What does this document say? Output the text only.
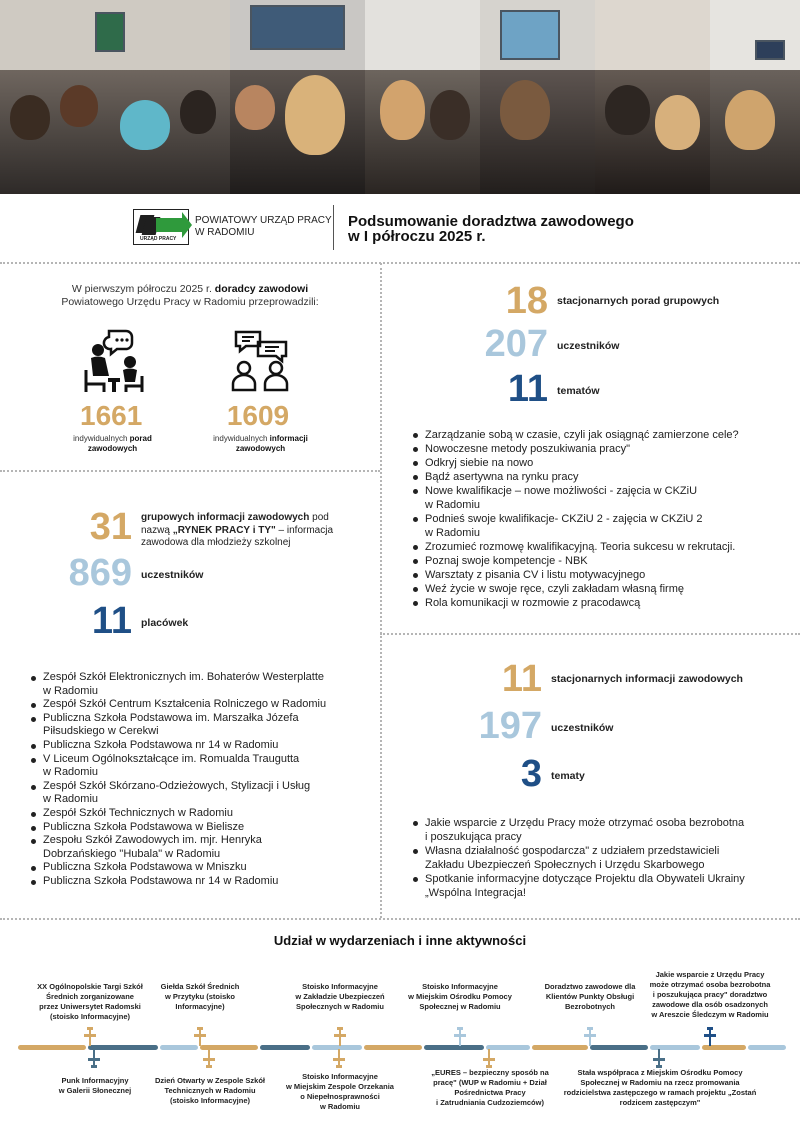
URZĄD PRACY
POWIATOWY URZĄD PRACY
W RADOMIU
Podsumowanie doradztwa zawodowego
w I półroczu 2025 r.
W pierwszym półroczu 2025 r. doradcy zawodowi
Powiatowego Urzędu Pracy w Radomiu przeprowadzili:
1661
indywidualnych porad
zawodowych
1609
indywidualnych informacji
zawodowych
18 stacjonarnych porad grupowych
207 uczestników
11 tematów
Zarządzanie sobą w czasie, czyli jak osiągnąć zamierzone cele?
Nowoczesne metody poszukiwania pracy"
Odkryj siebie na nowo
Bądź asertywna na rynku pracy
Nowe kwalifikacje – nowe możliwości - zajęcia w CKZiU
w Radomiu
Podnieś swoje kwalifikacje- CKZiU 2 - zajęcia w CKZiU 2
w Radomiu
Zrozumieć rozmowę kwalifikacyjną. Teoria sukcesu w rekrutacji.
Poznaj swoje kompetencje - NBK
Warsztaty z pisania CV i listu motywacyjnego
Weź życie w swoje ręce, czyli zakładam własną firmę
Rola komunikacji w rozmowie z pracodawcą
31 grupowych informacji zawodowych pod
nazwą „RYNEK PRACY i TY" – informacja
zawodowa dla młodzieży szkolnej
869 uczestników
11 placówek
Zespół Szkół Elektronicznych im. Bohaterów Westerplatte
w Radomiu
Zespół Szkół Centrum Kształcenia Rolniczego w Radomiu
Publiczna Szkoła Podstawowa im. Marszałka Józefa
Piłsudskiego w Cerekwi
Publiczna Szkoła Podstawowa nr 14 w Radomiu
V Liceum Ogólnokształcące im. Romualda Traugutta
w Radomiu
Zespół Szkół Skórzano-Odzieżowych, Stylizacji i Usług
w Radomiu
Zespół Szkół Technicznych w Radomiu
Publiczna Szkoła Podstawowa w Bielisze
Zespołu Szkół Zawodowych im. mjr. Henryka
Dobrzańskiego "Hubala" w Radomiu
Publiczna Szkoła Podstawowa w Mniszku
Publiczna Szkoła Podstawowa nr 14 w Radomiu
11 stacjonarnych informacji zawodowych
197 uczestników
3 tematy
Jakie wsparcie z Urzędu Pracy może otrzymać osoba bezrobotna
i poszukująca pracy
Własna działalność gospodarcza" z udziałem przedstawicieli
Zakładu Ubezpieczeń Społecznych i Urzędu Skarbowego
Spotkanie informacyjne dotyczące Projektu dla Obywateli Ukrainy
„Wspólna Integracja!
Udział w wydarzeniach i inne aktywności
XX Ogólnopolskie Targi Szkół
Średnich zorganizowane
przez Uniwersytet Radomski
(stoisko Informacyjne)
Giełda Szkół Średnich
w Przytyku (stoisko
Informacyjne)
Stoisko Informacyjne
w Zakładzie Ubezpieczeń
Społecznych w Radomiu
Stoisko Informacyjne
w Miejskim Ośrodku Pomocy
Społecznej w Radomiu
Doradztwo zawodowe dla
Klientów Punkty Obsługi
Bezrobotnych
Jakie wsparcie z Urzędu Pracy
może otrzymać osoba bezrobotna
i poszukująca pracy" doradztwo
zawodowe dla osób osadzonych
w Areszcie Śledczym w Radomiu
Punk Informacyjny
w Galerii Słonecznej
Dzień Otwarty w Zespole Szkół
Technicznych w Radomiu
(stoisko Informacyjne)
Stoisko Informacyjne
w Miejskim Zespole Orzekania
o Niepełnosprawności
w Radomiu
„EURES – bezpieczny sposób na
pracę" (WUP w Radomiu + Dział
Pośrednictwa Pracy
i Zatrudniania Cudzoziemców)
Stała współpraca z Miejskim Ośrodku Pomocy
Społecznej w Radomiu na rzecz promowania
rodzicielstwa zastępczego w ramach projektu „Zostań
rodzicem zastępczym"
